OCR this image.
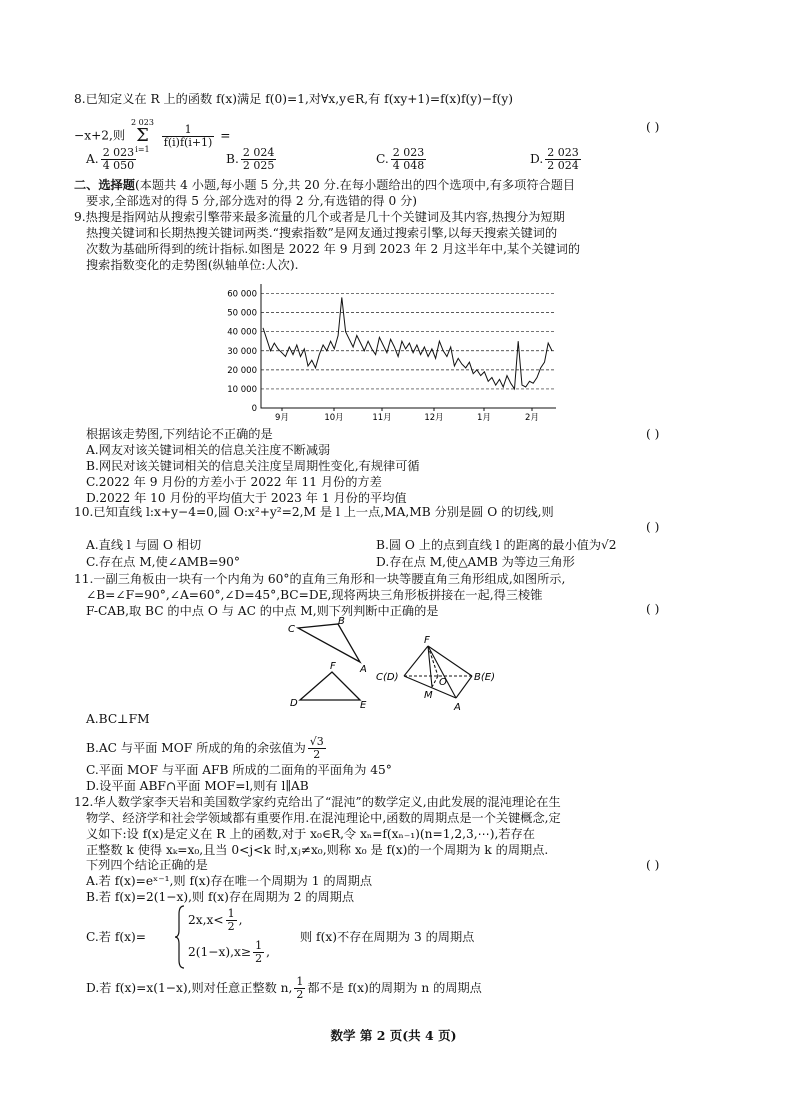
8.已知定义在 R 上的函数 f(x)满足 f(0)=1,对∀x,y∈R,有 f(xy+1)=f(x)f(y)−f(y)
−x+2,则 2 023
Σ
i=1
$\frac{1}{f(i)f(i+1)}$ =
( )
A. $\frac{2 023}{4 050}$	B. $\frac{2 024}{2 025}$	C. $\frac{2 023}{4 048}$	D. $\frac{2 023}{2 024}$
二、选择题(本题共 4 小题,每小题 5 分,共 20 分.在每小题给出的四个选项中,有多项符合题目
要求,全部选对的得 5 分,部分选对的得 2 分,有选错的得 0 分)
9.热搜是指网站从搜索引擎带来最多流量的几个或者是几十个关键词及其内容,热搜分为短期
热搜关键词和长期热搜关键词两类.“搜索指数”是网友通过搜索引擎,以每天搜索关键词的
次数为基础所得到的统计指标.如图是 2022 年 9 月到 2023 年 2 月这半年中,某个关键词的
搜索指数变化的走势图(纵轴单位:人次).
60 000
50 000
40 000
30 000
20 000
10 000
0
9月	10月	11月	12月	1月	2月
根据该走势图,下列结论不正确的是	( )
A.网友对该关键词相关的信息关注度不断减弱
B.网民对该关键词相关的信息关注度呈周期性变化,有规律可循
C.2022 年 9 月份的方差小于 2022 年 11 月份的方差
D.2022 年 10 月份的平均值大于 2023 年 1 月份的平均值
10.已知直线 l:x+y−4=0,圆 O:x²+y²=2,M 是 l 上一点,MA,MB 分别是圆 O 的切线,则
( )
A.直线 l 与圆 O 相切	B.圆 O 上的点到直线 l 的距离的最小值为√2
C.存在点 M,使∠AMB=90°	D.存在点 M,使△AMB 为等边三角形
11.一副三角板由一块有一个内角为 60°的直角三角形和一块等腰直角三角形组成,如图所示,
∠B=∠F=90°,∠A=60°,∠D=45°,BC=DE,现将两块三角形板拼接在一起,得三棱锥
F-CAB,取 BC 的中点 O 与 AC 的中点 M,则下列判断中正确的是	( )
C
B
A
F
D	E
C(D)	B(E)
F
O
M
A
A.BC⊥FM
B.AC 与平面 MOF 所成的角的余弦值为 $\frac{√3}{2}$
C.平面 MOF 与平面 AFB 所成的二面角的平面角为 45°
D.设平面 ABF∩平面 MOF=l,则有 l∥AB
12.华人数学家李天岩和美国数学家约克给出了“混沌”的数学定义,由此发展的混沌理论在生
物学、经济学和社会学领域都有重要作用.在混沌理论中,函数的周期点是一个关键概念,定
义如下:设 f(x)是定义在 R 上的函数,对于 x₀∈R,令 xₙ=f(xₙ₋₁)(n=1,2,3,⋯),若存在
正整数 k 使得 xₖ=x₀,且当 0<j<k 时,xⱼ≠x₀,则称 x₀ 是 f(x)的一个周期为 k 的周期点.
下列四个结论正确的是	( )
A.若 f(x)=eˣ⁻¹,则 f(x)存在唯一个周期为 1 的周期点
B.若 f(x)=2(1−x),则 f(x)存在周期为 2 的周期点
C.若 f(x)=
$2x,x< \frac{1}{2}$ ,
$2(1-x),x\ge \frac{1}{2}$ ,
则 f(x)不存在周期为 3 的周期点
D.若 f(x)=x(1−x),则对任意正整数 n, $\frac{1}{2}$ 都不是 f(x)的周期为 n 的周期点
数学 第 2 页(共 4 页)
